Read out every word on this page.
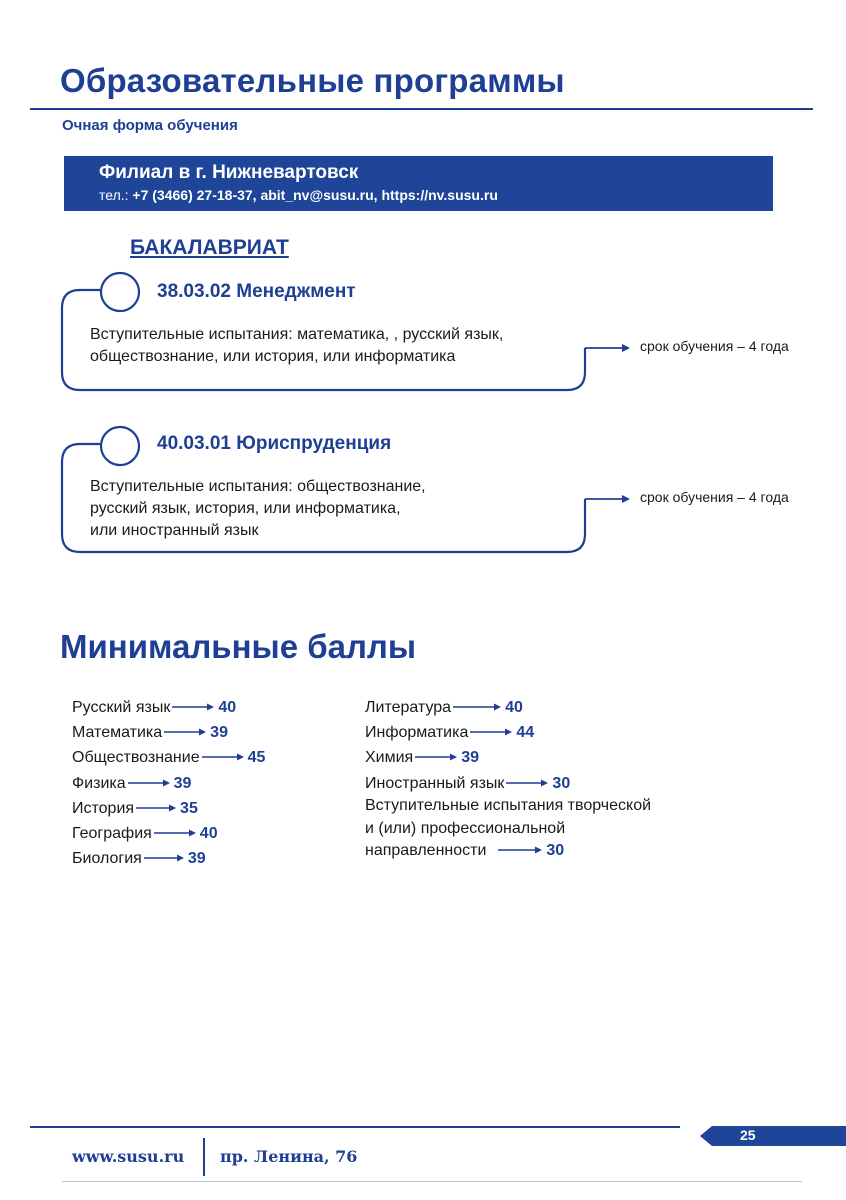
Образовательные программы
Очная форма обучения
Филиал в г. Нижневартовск
тел.: +7 (3466) 27-18-37, abit_nv@susu.ru, https://nv.susu.ru
БАКАЛАВРИАТ
38.03.02 Менеджмент
Вступительные испытания: математика, , русский язык,
обществознание, или история, или информатика
срок обучения – 4 года
40.03.01 Юриспруденция
Вступительные испытания: обществознание,
русский язык, история, или информатика,
или иностранный язык
срок обучения – 4 года
Минимальные баллы
Русский язык	40
Математика	39
Обществознание	45
Физика	39
История	35
География	40
Биология	39
Литература	40
Информатика	44
Химия	39
Иностранный язык	30
Вступительные испытания творческой
и (или) профессиональной
направленности	30
25
www.susu.ru пр. Ленина, 76
